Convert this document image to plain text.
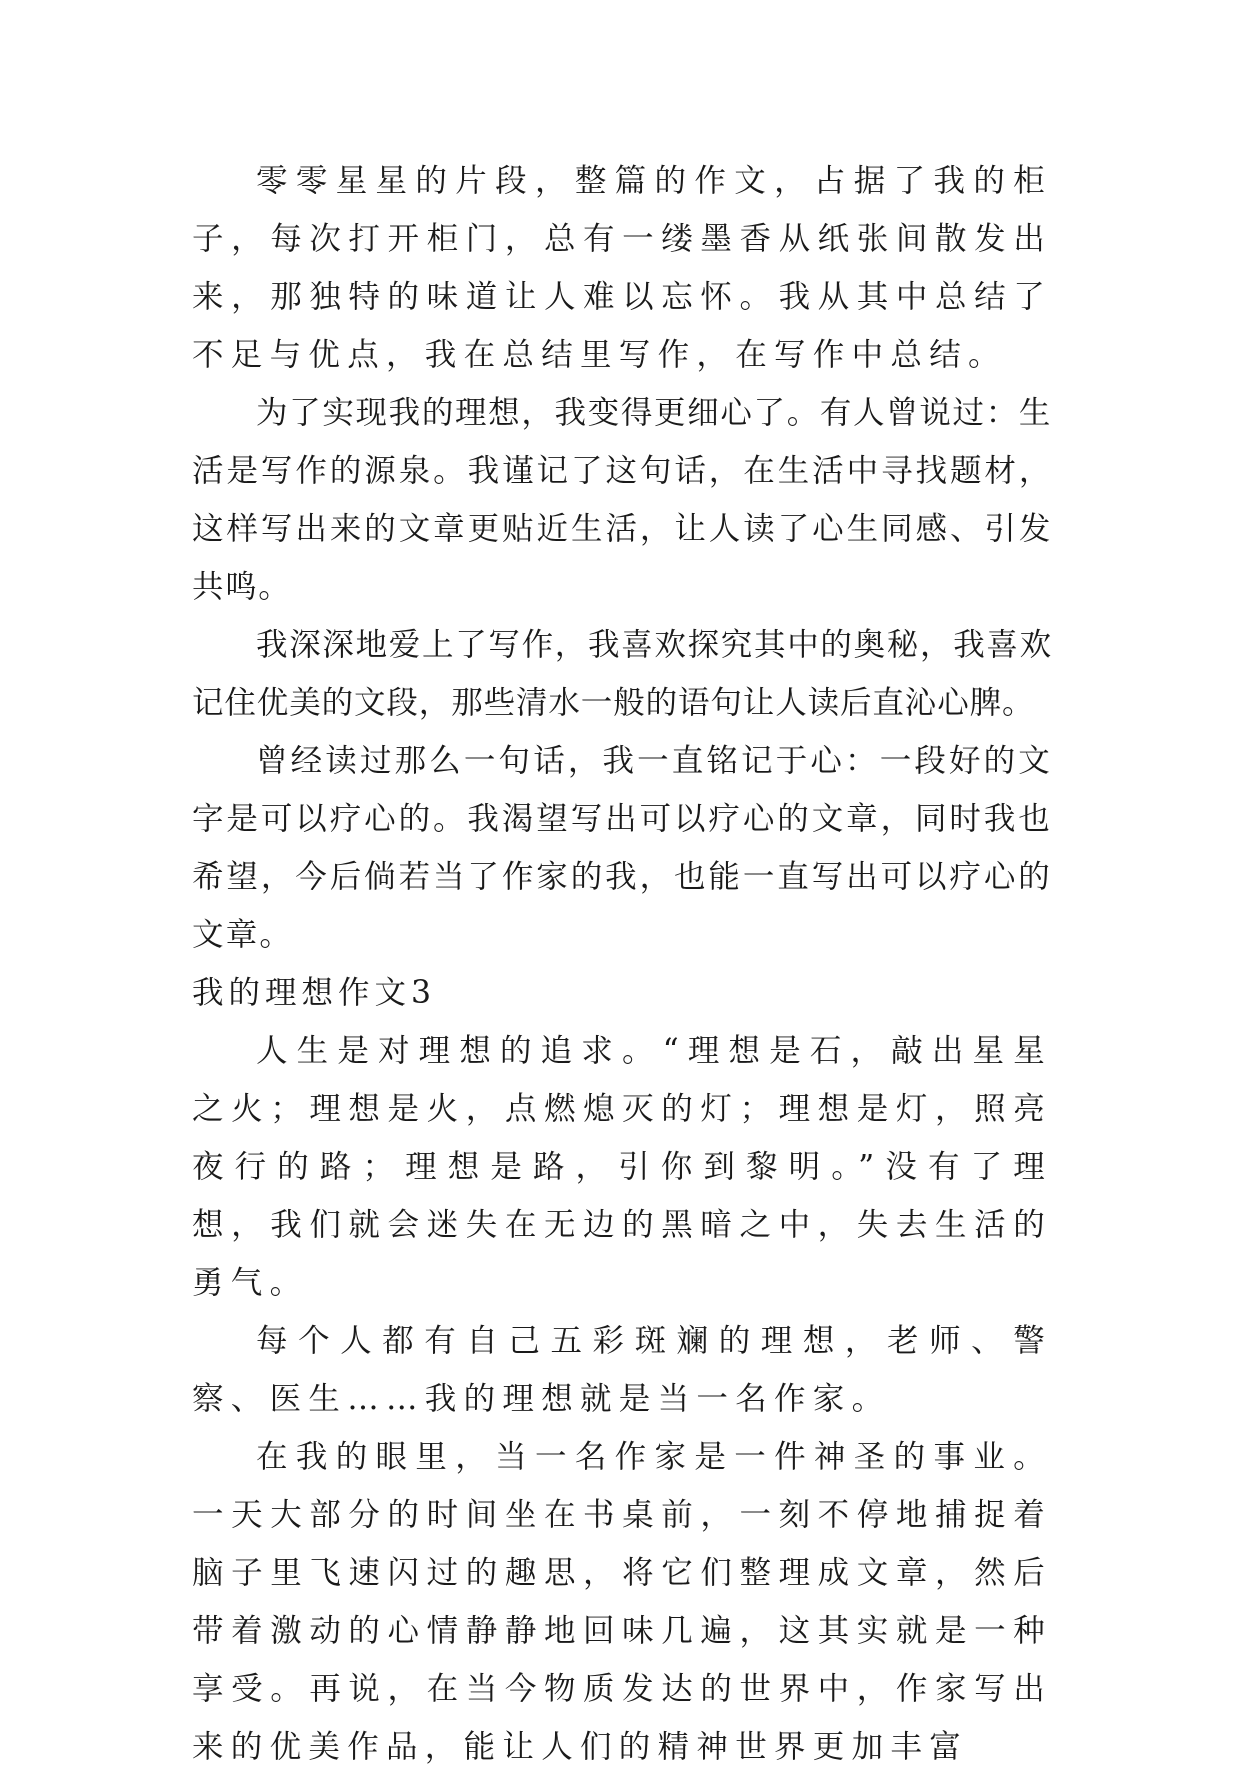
零零星星的片段，整篇的作文，占据了我的柜子，每次打开柜门，总有一缕墨香从纸张间散发出来，那独特的味道让人难以忘怀。我从其中总结了不足与优点，我在总结里写作，在写作中总结。

为了实现我的理想，我变得更细心了。有人曾说过：生活是写作的源泉。我谨记了这句话，在生活中寻找题材，这样写出来的文章更贴近生活，让人读了心生同感、引发共鸣。

我深深地爱上了写作，我喜欢探究其中的奥秘，我喜欢记住优美的文段，那些清水一般的语句让人读后直沁心脾。

曾经读过那么一句话，我一直铭记于心：一段好的文字是可以疗心的。我渴望写出可以疗心的文章，同时我也希望，今后倘若当了作家的我，也能一直写出可以疗心的文章。

我的理想作文3

人生是对理想的追求。“理想是石，敲出星星之火；理想是火，点燃熄灭的灯；理想是灯，照亮夜行的路；理想是路，引你到黎明。”没有了理想，我们就会迷失在无边的黑暗之中，失去生活的勇气。

每个人都有自己五彩斑斓的理想，老师、警察、医生……我的理想就是当一名作家。

在我的眼里，当一名作家是一件神圣的事业。一天大部分的时间坐在书桌前，一刻不停地捕捉着脑子里飞速闪过的趣思，将它们整理成文章，然后带着激动的心情静静地回味几遍，这其实就是一种享受。再说，在当今物质发达的世界中，作家写出来的优美作品，能让人们的精神世界更加丰富
